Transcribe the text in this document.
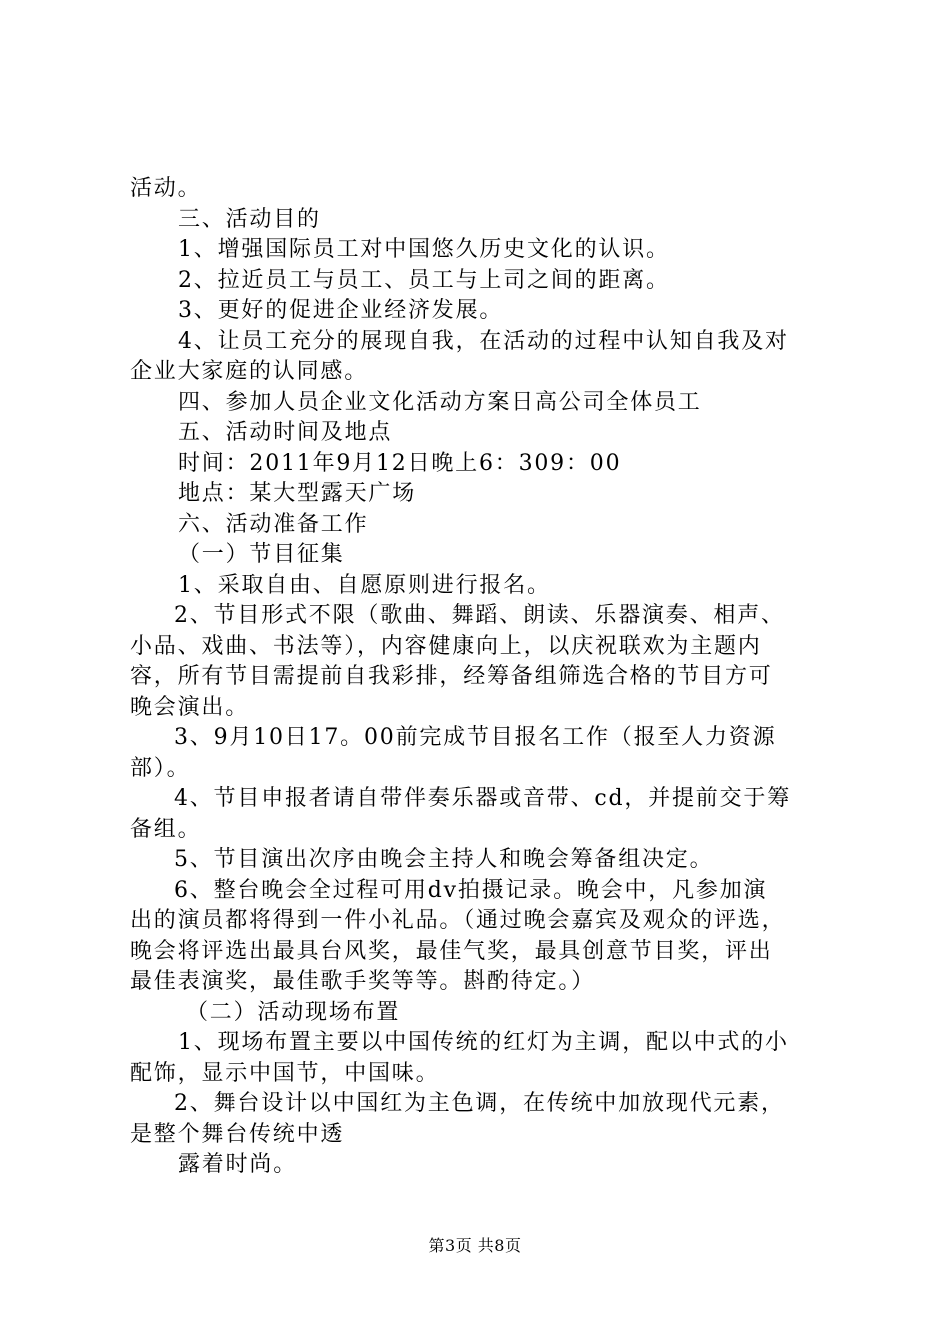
活动。
三、活动目的
1、增强国际员工对中国悠久历史文化的认识。
2、拉近员工与员工、员工与上司之间的距离。
3、更好的促进企业经济发展。
4、让员工充分的展现自我，在活动的过程中认知自我及对
企业大家庭的认同感。
四、参加人员企业文化活动方案日高公司全体员工
五、活动时间及地点
时间：2011年9月12日晚上6：309：00
地点：某大型露天广场
六、活动准备工作
（一）节目征集
1、采取自由、自愿原则进行报名。
2、节目形式不限（歌曲、舞蹈、朗读、乐器演奏、相声、
小品、戏曲、书法等），内容健康向上，以庆祝联欢为主题内
容，所有节目需提前自我彩排，经筹备组筛选合格的节目方可
晚会演出。
3、9月10日17。00前完成节目报名工作（报至人力资源
部）。
4、节目申报者请自带伴奏乐器或音带、cd，并提前交于筹
备组。
5、节目演出次序由晚会主持人和晚会筹备组决定。
6、整台晚会全过程可用dv拍摄记录。晚会中，凡参加演
出的演员都将得到一件小礼品。（通过晚会嘉宾及观众的评选，
晚会将评选出最具台风奖，最佳气奖，最具创意节目奖，评出
最佳表演奖，最佳歌手奖等等。斟酌待定。）
（二）活动现场布置
1、现场布置主要以中国传统的红灯为主调，配以中式的小
配饰，显示中国节，中国味。
2、舞台设计以中国红为主色调，在传统中加放现代元素，
是整个舞台传统中透
露着时尚。
第3页 共8页
